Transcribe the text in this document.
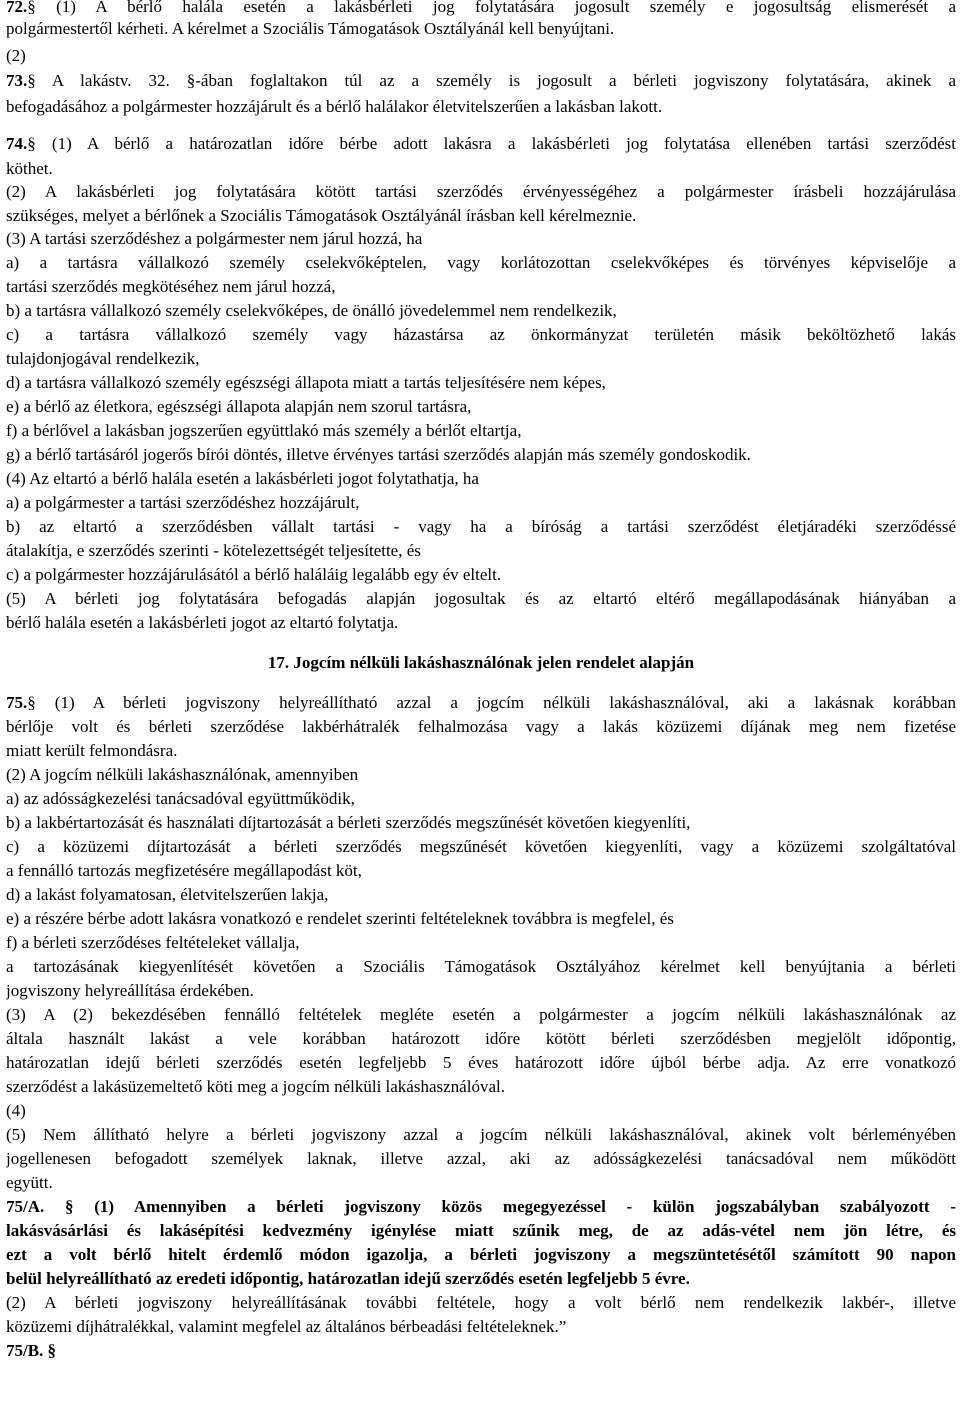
72.§ (1) A bérlő halála esetén a lakásbérleti jog folytatására jogosult személy e jogosultság elismerését a
polgármestertől kérheti. A kérelmet a Szociális Támogatások Osztályánál kell benyújtani.
(2)
73.§ A lakástv. 32. §-ában foglaltakon túl az a személy is jogosult a bérleti jogviszony folytatására, akinek a
befogadásához a polgármester hozzájárult és a bérlő halálakor életvitelszerűen a lakásban lakott.
74.§ (1) A bérlő a határozatlan időre bérbe adott lakásra a lakásbérleti jog folytatása ellenében tartási szerződést
köthet.
(2) A lakásbérleti jog folytatására kötött tartási szerződés érvényességéhez a polgármester írásbeli hozzájárulása
szükséges, melyet a bérlőnek a Szociális Támogatások Osztályánál írásban kell kérelmeznie.
(3) A tartási szerződéshez a polgármester nem járul hozzá, ha
a) a tartásra vállalkozó személy cselekvőképtelen, vagy korlátozottan cselekvőképes és törvényes képviselője a
tartási szerződés megkötéséhez nem járul hozzá,
b) a tartásra vállalkozó személy cselekvőképes, de önálló jövedelemmel nem rendelkezik,
c) a tartásra vállalkozó személy vagy házastársa az önkormányzat területén másik beköltözhető lakás
tulajdonjogával rendelkezik,
d) a tartásra vállalkozó személy egészségi állapota miatt a tartás teljesítésére nem képes,
e) a bérlő az életkora, egészségi állapota alapján nem szorul tartásra,
f) a bérlővel a lakásban jogszerűen együttlakó más személy a bérlőt eltartja,
g) a bérlő tartásáról jogerős bírói döntés, illetve érvényes tartási szerződés alapján más személy gondoskodik.
(4) Az eltartó a bérlő halála esetén a lakásbérleti jogot folytathatja, ha
a) a polgármester a tartási szerződéshez hozzájárult,
b) az eltartó a szerződésben vállalt tartási - vagy ha a bíróság a tartási szerződést életjáradéki szerződéssé
átalakítja, e szerződés szerinti - kötelezettségét teljesítette, és
c) a polgármester hozzájárulásától a bérlő haláláig legalább egy év eltelt.
(5) A bérleti jog folytatására befogadás alapján jogosultak és az eltartó eltérő megállapodásának hiányában a
bérlő halála esetén a lakásbérleti jogot az eltartó folytatja.
17. Jogcím nélküli lakáshasználónak jelen rendelet alapján
75.§ (1) A bérleti jogviszony helyreállítható azzal a jogcím nélküli lakáshasználóval, aki a lakásnak korábban
bérlője volt és bérleti szerződése lakbérhátralék felhalmozása vagy a lakás közüzemi díjának meg nem fizetése
miatt került felmondásra.
(2) A jogcím nélküli lakáshasználónak, amennyiben
a) az adósságkezelési tanácsadóval együttműködik,
b) a lakbértartozását és használati díjtartozását a bérleti szerződés megszűnését követően kiegyenlíti,
c) a közüzemi díjtartozását a bérleti szerződés megszűnését követően kiegyenlíti, vagy a közüzemi szolgáltatóval
a fennálló tartozás megfizetésére megállapodást köt,
d) a lakást folyamatosan, életvitelszerűen lakja,
e) a részére bérbe adott lakásra vonatkozó e rendelet szerinti feltételeknek továbbra is megfelel, és
f) a bérleti szerződéses feltételeket vállalja,
a tartozásának kiegyenlítését követően a Szociális Támogatások Osztályához kérelmet kell benyújtania a bérleti
jogviszony helyreállítása érdekében.
(3) A (2) bekezdésében fennálló feltételek megléte esetén a polgármester a jogcím nélküli lakáshasználónak az
általa használt lakást a vele korábban határozott időre kötött bérleti szerződésben megjelölt időpontig,
határozatlan idejű bérleti szerződés esetén legfeljebb 5 éves határozott időre újból bérbe adja. Az erre vonatkozó
szerződést a lakásüzemeltető köti meg a jogcím nélküli lakáshasználóval.
(4)
(5) Nem állítható helyre a bérleti jogviszony azzal a jogcím nélküli lakáshasználóval, akinek volt bérleményében
jogellenesen befogadott személyek laknak, illetve azzal, aki az adósságkezelési tanácsadóval nem működött
együtt.
75/A. § (1) Amennyiben a bérleti jogviszony közös megegyezéssel - külön jogszabályban szabályozott -
lakásvásárlási és lakásépítési kedvezmény igénylése miatt szűnik meg, de az adás-vétel nem jön létre, és
ezt a volt bérlő hitelt érdemlő módon igazolja, a bérleti jogviszony a megszüntetésétől számított 90 napon
belül helyreállítható az eredeti időpontig, határozatlan idejű szerződés esetén legfeljebb 5 évre.
(2) A bérleti jogviszony helyreállításának további feltétele, hogy a volt bérlő nem rendelkezik lakbér-, illetve
közüzemi díjhátralékkal, valamint megfelel az általános bérbeadási feltételeknek.”
75/B. §
